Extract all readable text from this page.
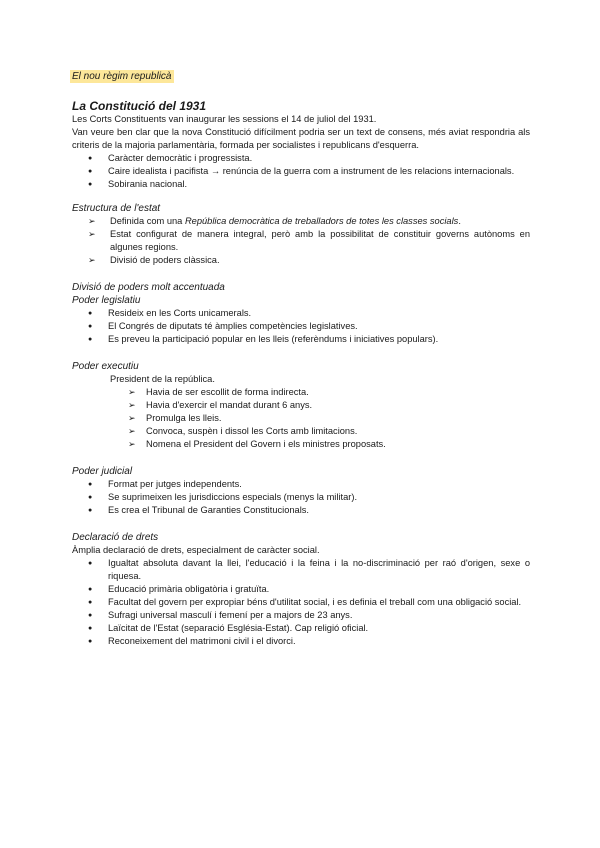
El nou règim republicà
La Constitució del 1931

Les Corts Constituents van inaugurar les sessions el 14 de juliol del 1931.

Van veure ben clar que la nova Constitució difícilment podria ser un text de consens, més aviat respondria als criteris de la majoria parlamentària, formada per socialistes i republicans d'esquerra.

● Caràcter democràtic i progressista.
● Caire idealista i pacifista → renúncia de la guerra com a instrument de les relacions internacionals.
● Sobirania nacional.
Estructura de l'estat
➢ Definida com una República democràtica de treballadors de totes les classes socials.
➢ Estat configurat de manera integral, però amb la possibilitat de constituir governs autònoms en algunes regions.
➢ Divisió de poders clàssica.
Divisió de poders molt accentuada
Poder legislatiu
● Resideix en les Corts unicamerals.
● El Congrés de diputats té àmplies competències legislatives.
● Es preveu la participació popular en les lleis (referèndums i iniciatives populars).
Poder executiu

President de la república.

➢ Havia de ser escollit de forma indirecta.
➢ Havia d'exercir el mandat durant 6 anys.
➢ Promulga les lleis.
➢ Convoca, suspèn i dissol les Corts amb limitacions.
➢ Nomena el President del Govern i els ministres proposats.
Poder judicial
● Format per jutges independents.
● Se suprimeixen les jurisdiccions especials (menys la militar).
● Es crea el Tribunal de Garanties Constitucionals.
Declaració de drets

Àmplia declaració de drets, especialment de caràcter social.

● Igualtat absoluta davant la llei, l'educació i la feina i la no-discriminació per raó d'origen, sexe o riquesa.
● Educació primària obligatòria i gratuïta.
● Facultat del govern per expropiar béns d'utilitat social, i es definia el treball com una obligació social.
● Sufragi universal masculí i femení per a majors de 23 anys.
● Laïcitat de l'Estat (separació Església-Estat). Cap religió oficial.
● Reconeixement del matrimoni civil i el divorci.
